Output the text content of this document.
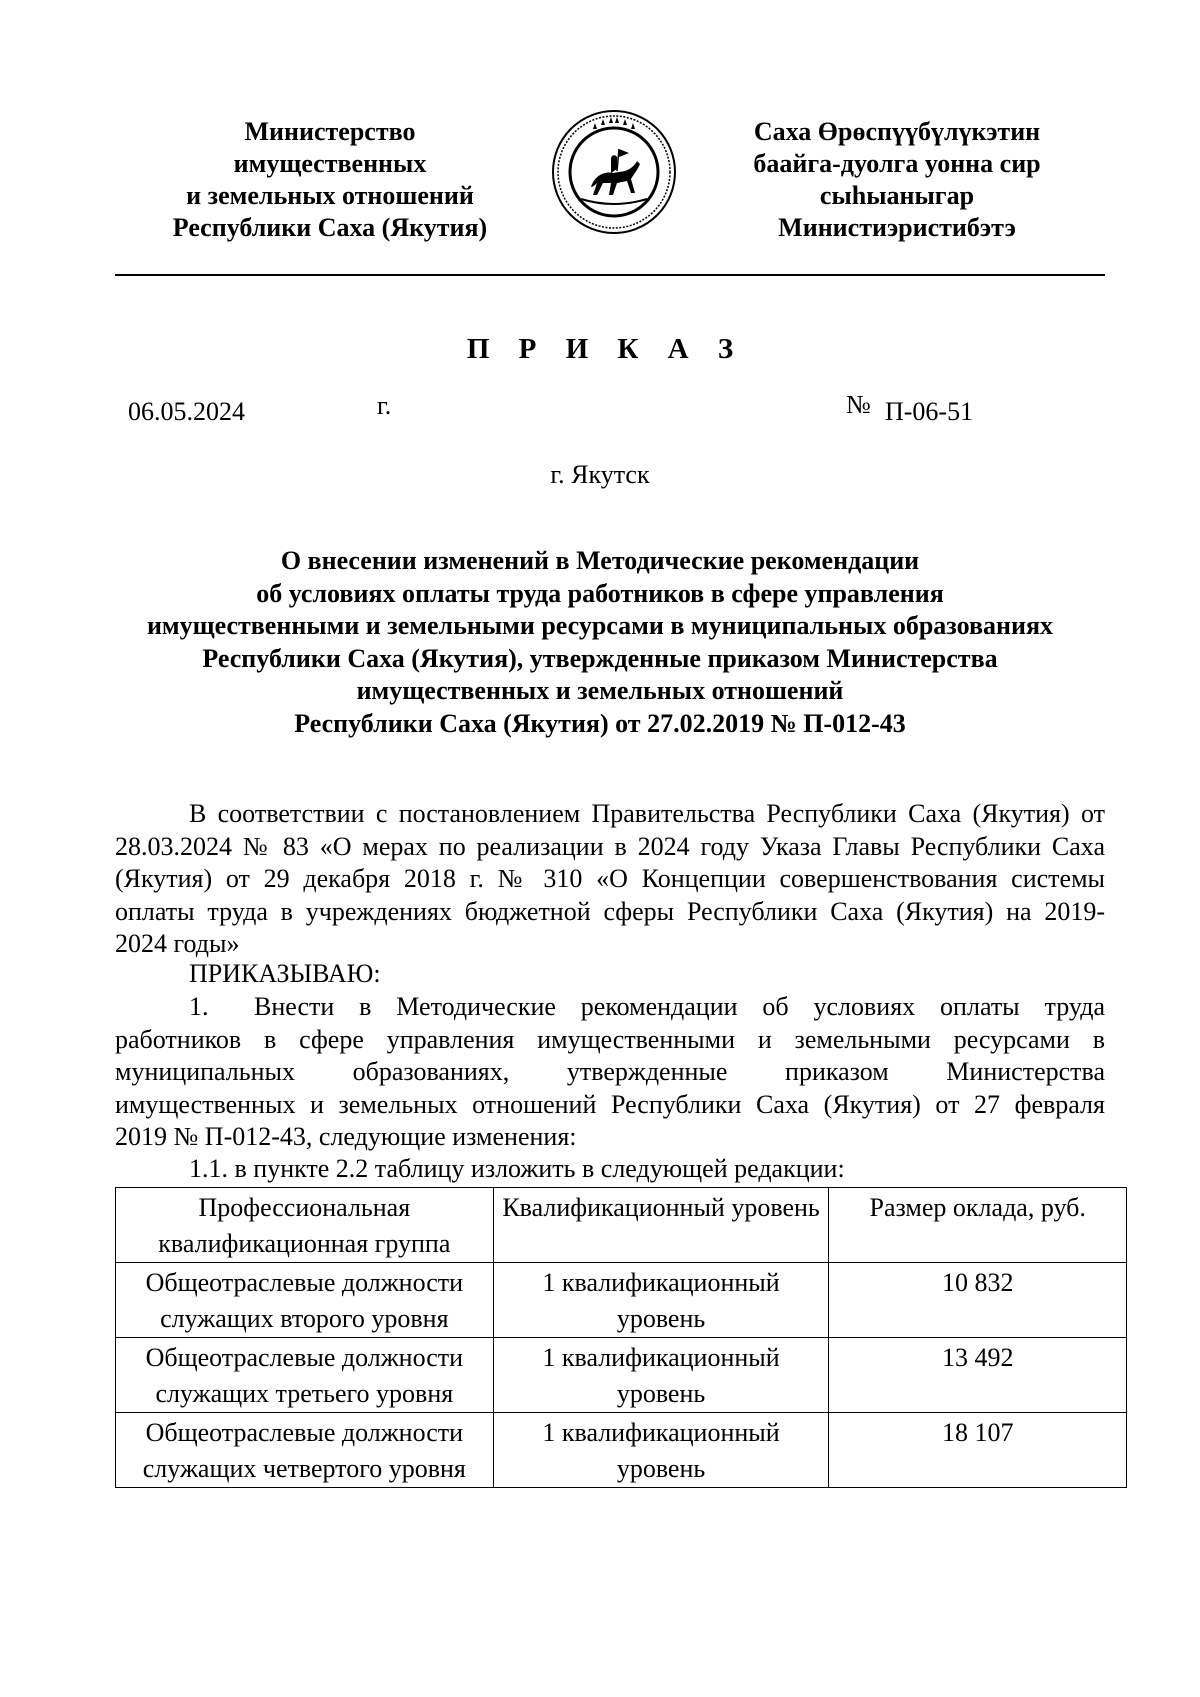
Министерство
имущественных
и земельных отношений
Республики Саха (Якутия)
Саха Өрөспүүбүлүкэтин
баайга-дуолга уонна сир
сыһыаныгар
Министиэристибэтэ
П Р И К А З
06.05.2024	г.	№ П-06-51
г. Якутск
О внесении изменений в Методические рекомендации
об условиях оплаты труда работников в сфере управления
имущественными и земельными ресурсами в муниципальных образованиях
Республики Саха (Якутия), утвержденные приказом Министерства
имущественных и земельных отношений
Республики Саха (Якутия) от 27.02.2019 № П-012-43
В соответствии с постановлением Правительства Республики Саха (Якутия) от
28.03.2024 № 83 «О мерах по реализации в 2024 году Указа Главы Республики Саха
(Якутия) от 29 декабря 2018 г. № 310 «О Концепции совершенствования системы
оплаты труда в учреждениях бюджетной сферы Республики Саха (Якутия) на 2019-
2024 годы»
ПРИКАЗЫВАЮ:
1.	Внести в Методические рекомендации об условиях оплаты труда
работников в сфере управления имущественными и земельными ресурсами в
муниципальных образованиях, утвержденные приказом Министерства
имущественных и земельных отношений Республики Саха (Якутия) от 27 февраля
2019 № П-012-43, следующие изменения:
1.1. в пункте 2.2 таблицу изложить в следующей редакции:
Профессиональная квалификационная группа	Квалификационный уровень	Размер оклада, руб.
Общеотраслевые должности служащих второго уровня	1 квалификационный уровень	10 832
Общеотраслевые должности служащих третьего уровня	1 квалификационный уровень	13 492
Общеотраслевые должности служащих четвертого уровня	1 квалификационный уровень	18 107
